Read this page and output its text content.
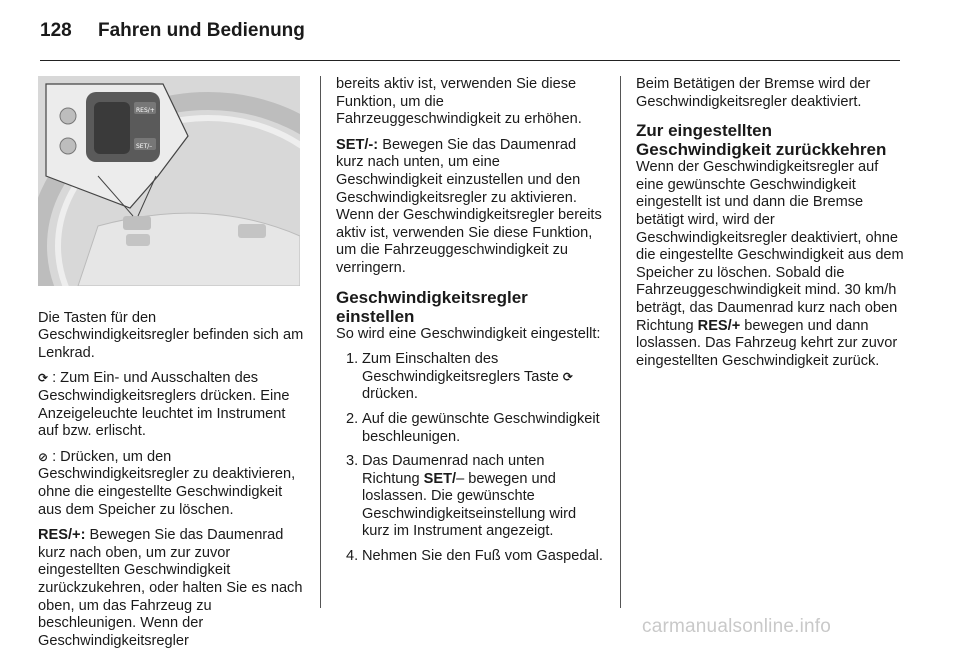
128 Fahren und Bedienung
RES/+
SET/–

Die Tasten für den Geschwindigkeitsregler befinden sich am Lenkrad.

⟳ : Zum Ein- und Ausschalten des Geschwindigkeitsreglers drücken. Eine Anzeigeleuchte leuchtet im Instrument auf bzw. erlischt.

⊘ : Drücken, um den Geschwindigkeitsregler zu deaktivieren, ohne die eingestellte Geschwindigkeit aus dem Speicher zu löschen.

RES/+: Bewegen Sie das Daumenrad kurz nach oben, um zur zuvor eingestellten Geschwindigkeit zurückzukehren, oder halten Sie es nach oben, um das Fahrzeug zu beschleunigen. Wenn der Geschwindigkeitsregler

bereits aktiv ist, verwenden Sie diese Funktion, um die Fahrzeuggeschwindigkeit zu erhöhen.

SET/-: Bewegen Sie das Daumenrad kurz nach unten, um eine Geschwindigkeit einzustellen und den Geschwindigkeitsregler zu aktivieren. Wenn der Geschwindigkeitsregler bereits aktiv ist, verwenden Sie diese Funktion, um die Fahrzeuggeschwindigkeit zu verringern.

Geschwindigkeitsregler einstellen

So wird eine Geschwindigkeit eingestellt:

1. Zum Einschalten des Geschwindigkeitsreglers Taste ⟳ drücken.
2. Auf die gewünschte Geschwindigkeit beschleunigen.
3. Das Daumenrad nach unten Richtung SET/– bewegen und loslassen. Die gewünschte Geschwindigkeitseinstellung wird kurz im Instrument angezeigt.
4. Nehmen Sie den Fuß vom Gaspedal.

Beim Betätigen der Bremse wird der Geschwindigkeitsregler deaktiviert.

Zur eingestellten Geschwindigkeit zurückkehren

Wenn der Geschwindigkeitsregler auf eine gewünschte Geschwindigkeit eingestellt ist und dann die Bremse betätigt wird, wird der Geschwindigkeitsregler deaktiviert, ohne die eingestellte Geschwindigkeit aus dem Speicher zu löschen. Sobald die Fahrzeuggeschwindigkeit mind. 30 km/h beträgt, das Daumenrad kurz nach oben Richtung RES/+ bewegen und dann loslassen. Das Fahrzeug kehrt zur zuvor eingestellten Geschwindigkeit zurück.

carmanualsonline.info
